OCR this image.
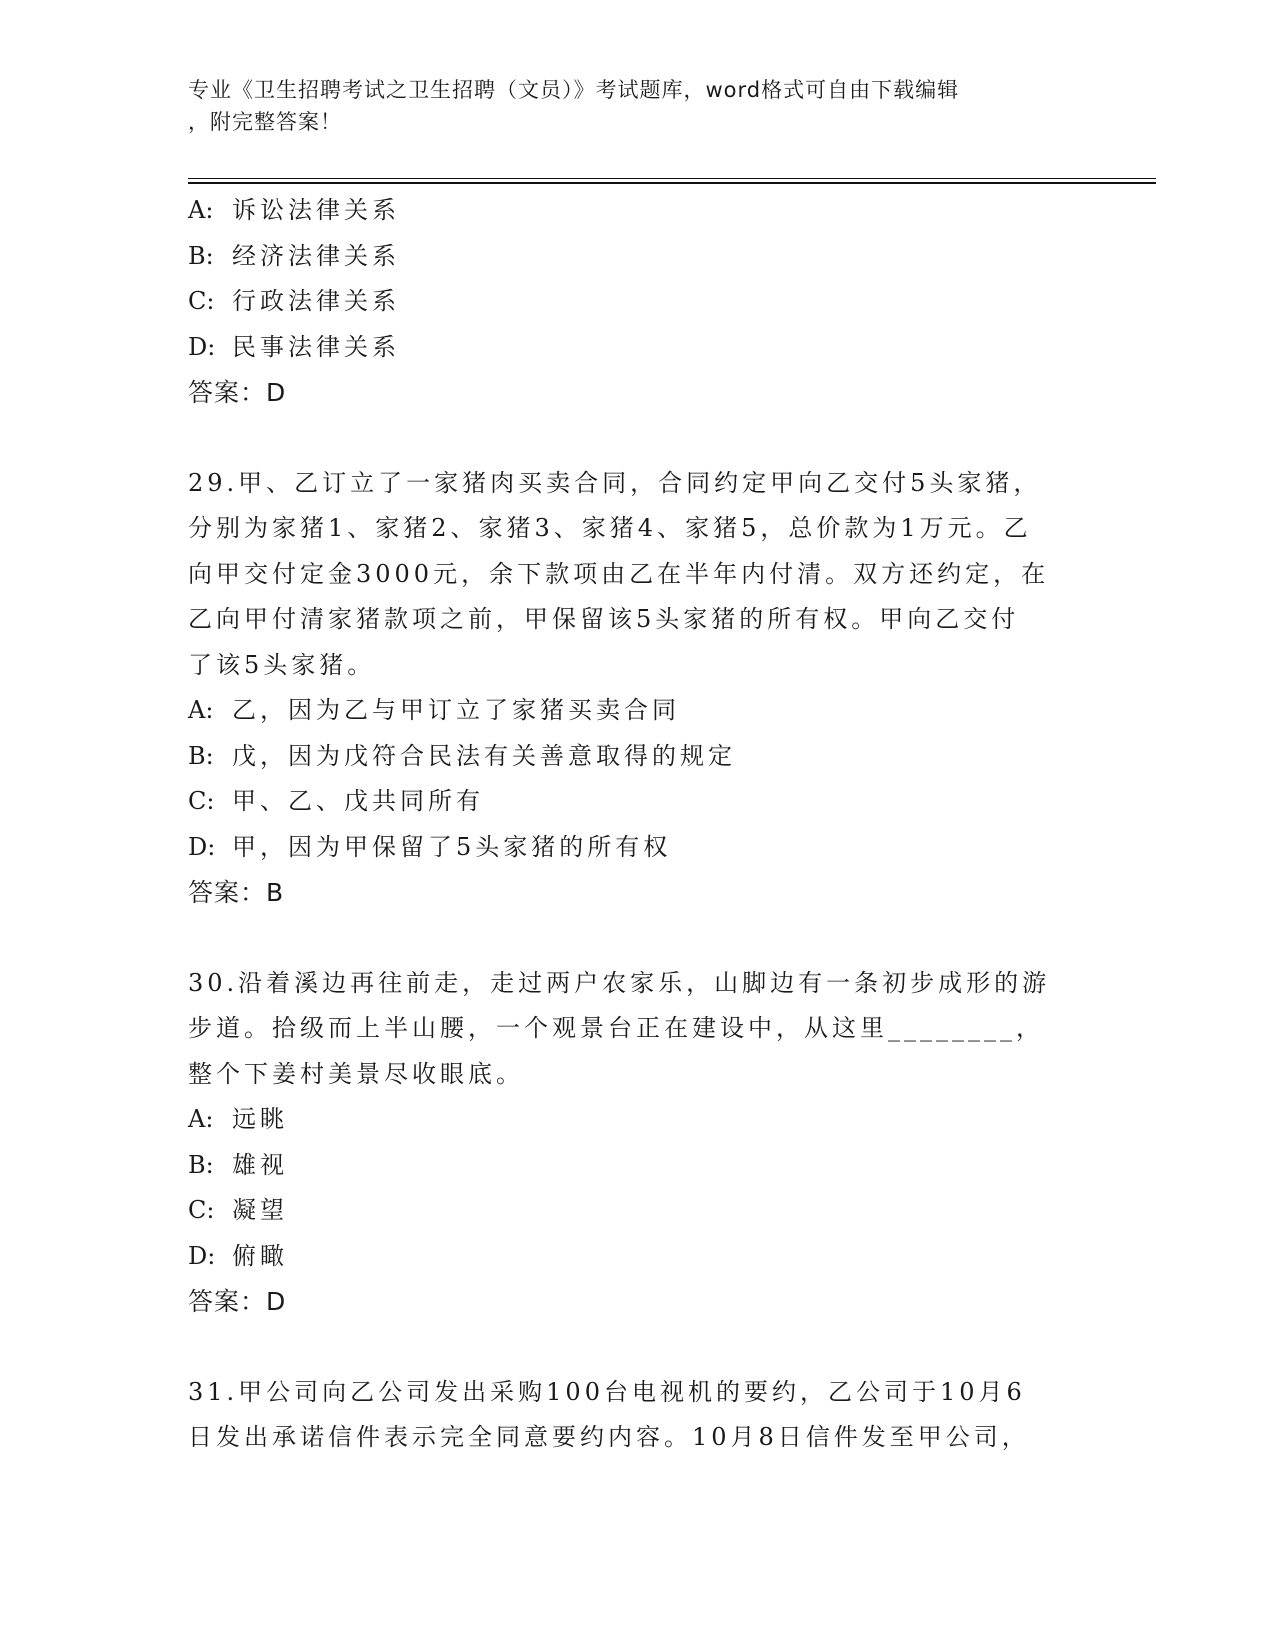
专业《卫生招聘考试之卫生招聘（文员）》考试题库，word格式可自由下载编辑
，附完整答案！
A: 诉讼法律关系
B: 经济法律关系
C: 行政法律关系
D: 民事法律关系
答案：D
29.甲、乙订立了一家猪肉买卖合同，合同约定甲向乙交付5头家猪，
分别为家猪1、家猪2、家猪3、家猪4、家猪5，总价款为1万元。乙
向甲交付定金3000元，余下款项由乙在半年内付清。双方还约定，在
乙向甲付清家猪款项之前，甲保留该5头家猪的所有权。甲向乙交付
了该5头家猪。
A: 乙，因为乙与甲订立了家猪买卖合同
B: 戊，因为戊符合民法有关善意取得的规定
C: 甲、乙、戊共同所有
D: 甲，因为甲保留了5头家猪的所有权
答案：B
30.沿着溪边再往前走，走过两户农家乐，山脚边有一条初步成形的游
步道。拾级而上半山腰，一个观景台正在建设中，从这里________，
整个下姜村美景尽收眼底。
A: 远眺
B: 雄视
C: 凝望
D: 俯瞰
答案：D
31.甲公司向乙公司发出采购100台电视机的要约，乙公司于10月6
日发出承诺信件表示完全同意要约内容。10月8日信件发至甲公司，
